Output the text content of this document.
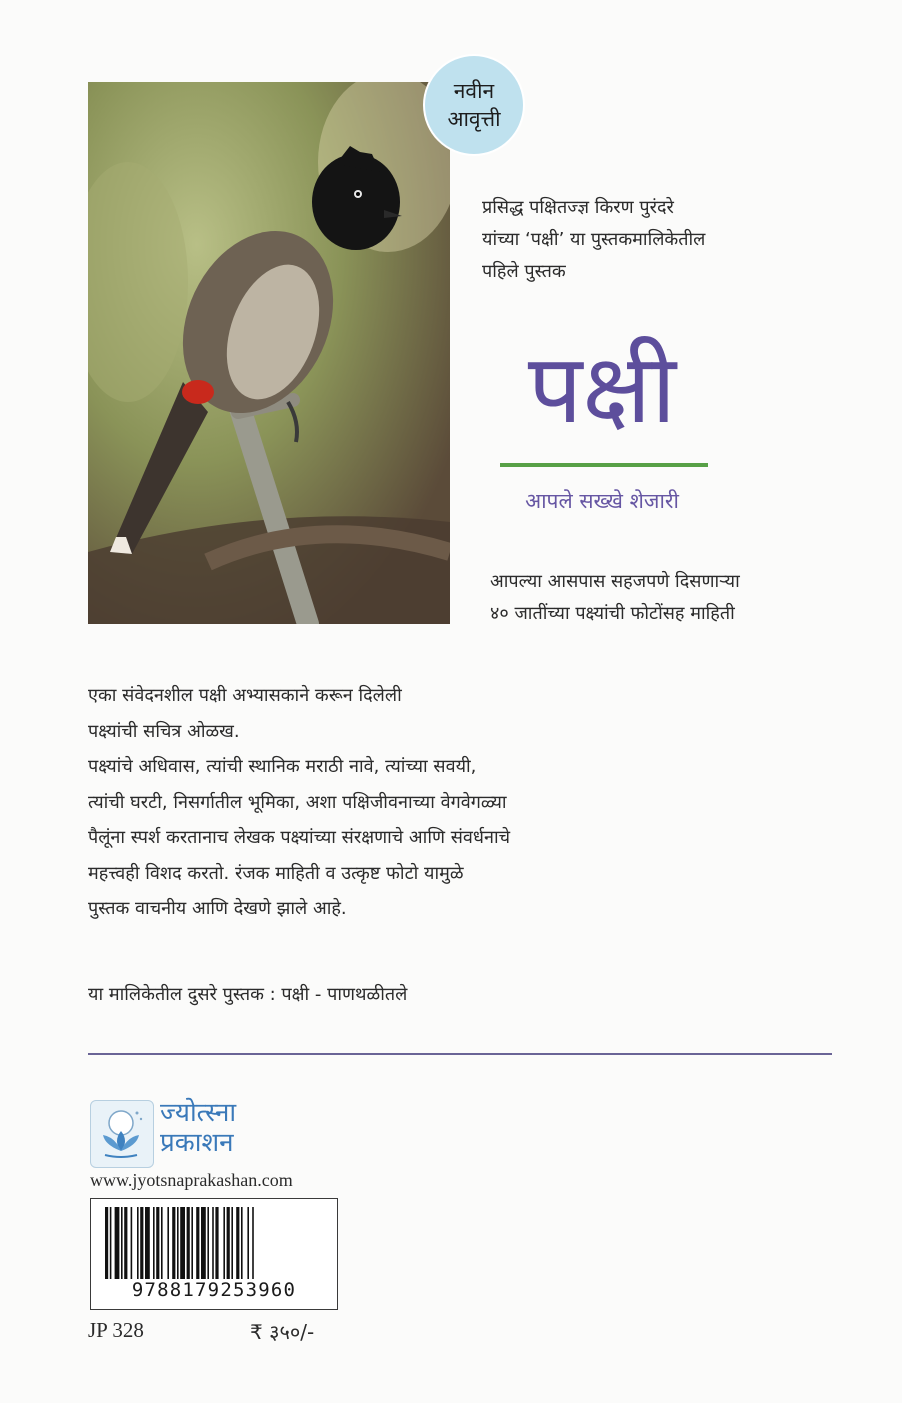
नवीन
आवृत्ती
प्रसिद्ध पक्षितज्ज्ञ किरण पुरंदरे
यांच्या ‘पक्षी’ या पुस्तकमालिकेतील
पहिले पुस्तक
पक्षी
आपले सख्खे शेजारी
आपल्या आसपास सहजपणे दिसणाऱ्या
४० जातींच्या पक्ष्यांची फोटोंसह माहिती
एका संवेदनशील पक्षी अभ्यासकाने करून दिलेली
पक्ष्यांची सचित्र ओळख.
पक्ष्यांचे अधिवास, त्यांची स्थानिक मराठी नावे, त्यांच्या सवयी,
त्यांची घरटी, निसर्गातील भूमिका, अशा पक्षिजीवनाच्या वेगवेगळ्या
पैलूंना स्पर्श करतानाच लेखक पक्ष्यांच्या संरक्षणाचे आणि संवर्धनाचे
महत्त्वही विशद करतो. रंजक माहिती व उत्कृष्ट फोटो यामुळे
पुस्तक वाचनीय आणि देखणे झाले आहे.
या मालिकेतील दुसरे पुस्तक : पक्षी - पाणथळीतले
ज्योत्स्ना
प्रकाशन
www.jyotsnaprakashan.com
9788179253960
JP 328	₹ ३५०/-
